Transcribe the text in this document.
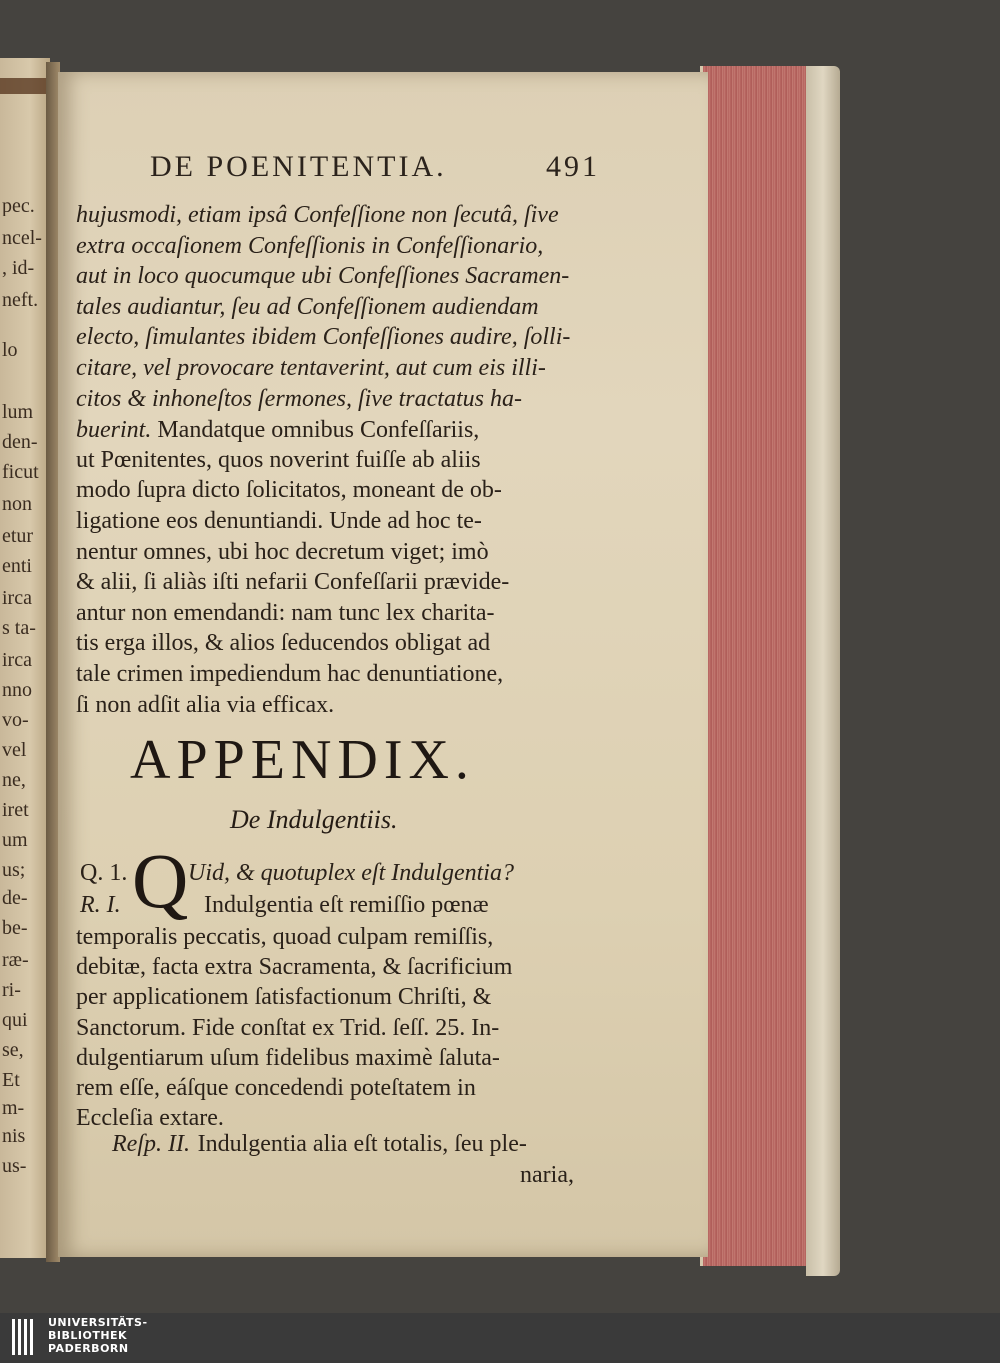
pec.
ncel-
, id-
neft.
lo
lum
den-
ficut
non
etur
enti
irca
s ta-
irca
nno
vo-
vel
ne,
iret
um
us;
de-
be-
ræ-
ri-
qui
se,
Et
m-
nis
us-
DE POENITENTIA.	491
hujusmodi, etiam ipsâ Confeſſione non ſecutâ, ſive
extra occaſionem Confeſſionis in Confeſſionario,
aut in loco quocumque ubi Confeſſiones Sacramen-
tales audiantur, ſeu ad Confeſſionem audiendam
electo, ſimulantes ibidem Confeſſiones audire, ſolli-
citare, vel provocare tentaverint, aut cum eis illi-
citos & inhoneſtos ſermones, ſive tractatus ha-
buerint. Mandatque omnibus Confeſſariis,
ut Pœnitentes, quos noverint fuiſſe ab aliis
modo ſupra dicto ſolicitatos, moneant de ob-
ligatione eos denuntiandi. Unde ad hoc te-
nentur omnes, ubi hoc decretum viget; imò
& alii, ſi aliàs iſti nefarii Confeſſarii prævide-
antur non emendandi: nam tunc lex charita-
tis erga illos, & alios ſeducendos obligat ad
tale crimen impediendum hac denuntiatione,
ſi non adſit alia via efficax.
APPENDIX.
De Indulgentiis.
Q. 1. Q Uid, & quotuplex eſt Indulgentia?
R. I.	Indulgentia eſt remiſſio pœnæ
temporalis peccatis, quoad culpam remiſſis,
debitæ, facta extra Sacramenta, & ſacrificium
per applicationem ſatisfactionum Chriſti, &
Sanctorum. Fide conſtat ex Trid. ſeſſ. 25. In-
dulgentiarum uſum fidelibus maximè ſaluta-
rem eſſe, eáſque concedendi poteſtatem in
Eccleſia extare.
Reſp. II. Indulgentia alia eſt totalis, ſeu ple-
naria,
UNIVERSITÄTS-
BIBLIOTHEK
PADERBORN
